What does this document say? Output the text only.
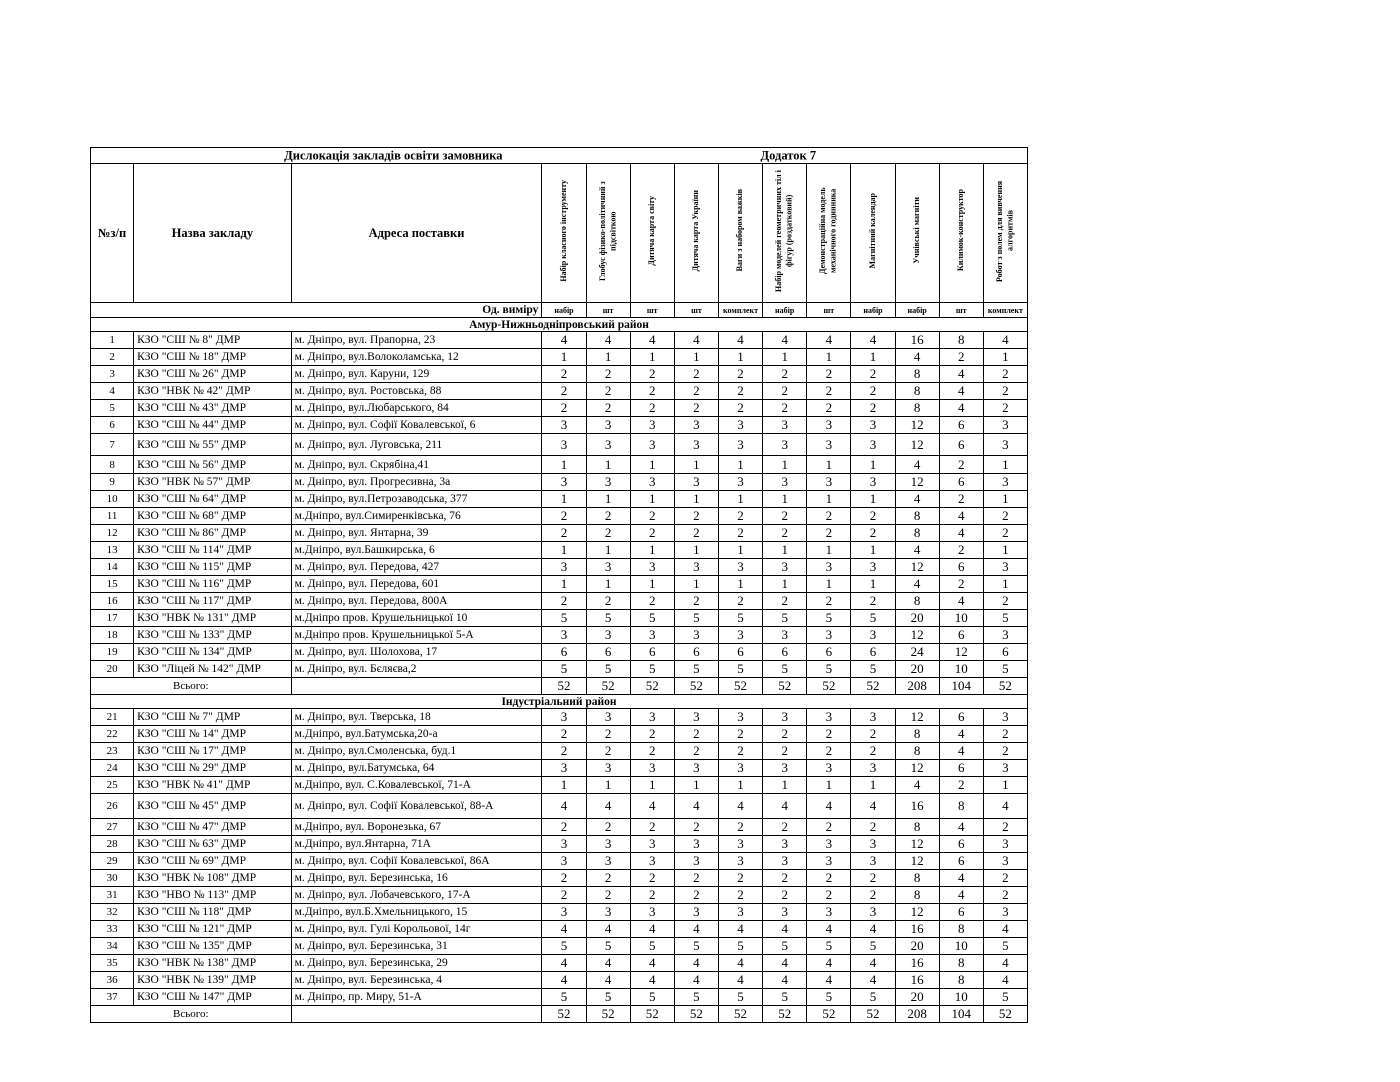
Дислокація закладів освіти замовника Додаток 7													

№з/п	Назва закладу	Адреса поставки	Набір класного інструменту	Глобус фізико-політичний з підсвіткою	Дитяча карта світу	Дитяча карта України	Ваги з набором важків	Набір моделей геометричних тіл і фігур (роздатковий)	Демонстраційна модель механічного годинника	Магнітний календар	Учнівські магніти	Килимок-конструктор	Робот з полем для вивчення алгоритмів
Од. виміру			набір	шт	шт	шт	комплект	набір	шт	набір	набір	шт	комплект
Амур-Нижньодніпровський район													
1	КЗО "СШ № 8" ДМР	м. Дніпро, вул. Прапорна, 23	4	4	4	4	4	4	4	4	16	8	4
2	КЗО "СШ № 18" ДМР	м. Дніпро, вул.Волоколамська, 12	1	1	1	1	1	1	1	1	4	2	1
3	КЗО "СШ № 26" ДМР	м. Дніпро, вул. Каруни, 129	2	2	2	2	2	2	2	2	8	4	2
4	КЗО "НВК № 42" ДМР	м. Дніпро, вул. Ростовська, 88	2	2	2	2	2	2	2	2	8	4	2
5	КЗО "СШ № 43" ДМР	м. Дніпро, вул.Любарського, 84	2	2	2	2	2	2	2	2	8	4	2
6	КЗО "СШ № 44" ДМР	м. Дніпро, вул. Софії Ковалевської, 6	3	3	3	3	3	3	3	3	12	6	3
7	КЗО "СШ № 55" ДМР	м. Дніпро, вул. Луговська, 211	3	3	3	3	3	3	3	3	12	6	3
8	КЗО "СШ № 56" ДМР	м. Дніпро, вул. Скрябіна,41	1	1	1	1	1	1	1	1	4	2	1
9	КЗО "НВК № 57" ДМР	м. Дніпро, вул. Прогресивна, 3а	3	3	3	3	3	3	3	3	12	6	3
10	КЗО "СШ № 64" ДМР	м. Дніпро, вул.Петрозаводська, 377	1	1	1	1	1	1	1	1	4	2	1
11	КЗО "СШ № 68" ДМР	м.Дніпро, вул.Симиренківська, 76	2	2	2	2	2	2	2	2	8	4	2
12	КЗО "СШ № 86" ДМР	м. Дніпро, вул. Янтарна, 39	2	2	2	2	2	2	2	2	8	4	2
13	КЗО "СШ № 114" ДМР	м.Дніпро, вул.Башкирська, 6	1	1	1	1	1	1	1	1	4	2	1
14	КЗО "СШ № 115" ДМР	м. Дніпро, вул. Передова, 427	3	3	3	3	3	3	3	3	12	6	3
15	КЗО "СШ № 116" ДМР	м. Дніпро, вул. Передова, 601	1	1	1	1	1	1	1	1	4	2	1
16	КЗО "СШ № 117" ДМР	м. Дніпро, вул. Передова, 800А	2	2	2	2	2	2	2	2	8	4	2
17	КЗО "НВК № 131" ДМР	м.Дніпро пров. Крушельницької 10	5	5	5	5	5	5	5	5	20	10	5
18	КЗО "СШ № 133" ДМР	м.Дніпро пров. Крушельницької 5-А	3	3	3	3	3	3	3	3	12	6	3
19	КЗО "СШ № 134" ДМР	м. Дніпро, вул. Шолохова, 17	6	6	6	6	6	6	6	6	24	12	6
20	КЗО "Ліцей № 142" ДМР	м. Дніпро, вул. Бєляєва,2	5	5	5	5	5	5	5	5	20	10	5
Всього:			52	52	52	52	52	52	52	52	208	104	52
Індустріальний район													
21	КЗО "СШ № 7" ДМР	м. Дніпро, вул. Тверська, 18	3	3	3	3	3	3	3	3	12	6	3
22	КЗО "СШ № 14" ДМР	м.Дніпро, вул.Батумська,20-а	2	2	2	2	2	2	2	2	8	4	2
23	КЗО "СШ № 17" ДМР	м. Дніпро, вул.Смоленська, буд.1	2	2	2	2	2	2	2	2	8	4	2
24	КЗО "СШ № 29" ДМР	м. Дніпро, вул.Батумська, 64	3	3	3	3	3	3	3	3	12	6	3
25	КЗО "НВК № 41" ДМР	м.Дніпро, вул. С.Ковалевської, 71-А	1	1	1	1	1	1	1	1	4	2	1
26	КЗО "СШ № 45" ДМР	м. Дніпро, вул. Софії Ковалевської, 88-А	4	4	4	4	4	4	4	4	16	8	4
27	КЗО "СШ № 47" ДМР	м.Дніпро, вул. Воронезька, 67	2	2	2	2	2	2	2	2	8	4	2
28	КЗО "СШ № 63" ДМР	м.Дніпро, вул.Янтарна, 71А	3	3	3	3	3	3	3	3	12	6	3
29	КЗО "СШ № 69" ДМР	м. Дніпро, вул. Софії Ковалевської, 86А	3	3	3	3	3	3	3	3	12	6	3
30	КЗО "НВК № 108" ДМР	м. Дніпро, вул. Березинська, 16	2	2	2	2	2	2	2	2	8	4	2
31	КЗО "НВО № 113" ДМР	м. Дніпро, вул. Лобачевського, 17-А	2	2	2	2	2	2	2	2	8	4	2
32	КЗО "СШ № 118" ДМР	м.Дніпро, вул.Б.Хмельницького, 15	3	3	3	3	3	3	3	3	12	6	3
33	КЗО "СШ № 121" ДМР	м. Дніпро, вул. Гулі Корольової, 14г	4	4	4	4	4	4	4	4	16	8	4
34	КЗО "СШ № 135" ДМР	м. Дніпро, вул. Березинська, 31	5	5	5	5	5	5	5	5	20	10	5
35	КЗО "НВК № 138" ДМР	м. Дніпро, вул. Березинська, 29	4	4	4	4	4	4	4	4	16	8	4
36	КЗО "НВК № 139" ДМР	м. Дніпро, вул. Березинська, 4	4	4	4	4	4	4	4	4	16	8	4
37	КЗО "СШ № 147" ДМР	м. Дніпро, пр. Миру, 51-А	5	5	5	5	5	5	5	5	20	10	5
Всього:			52	52	52	52	52	52	52	52	208	104	52
